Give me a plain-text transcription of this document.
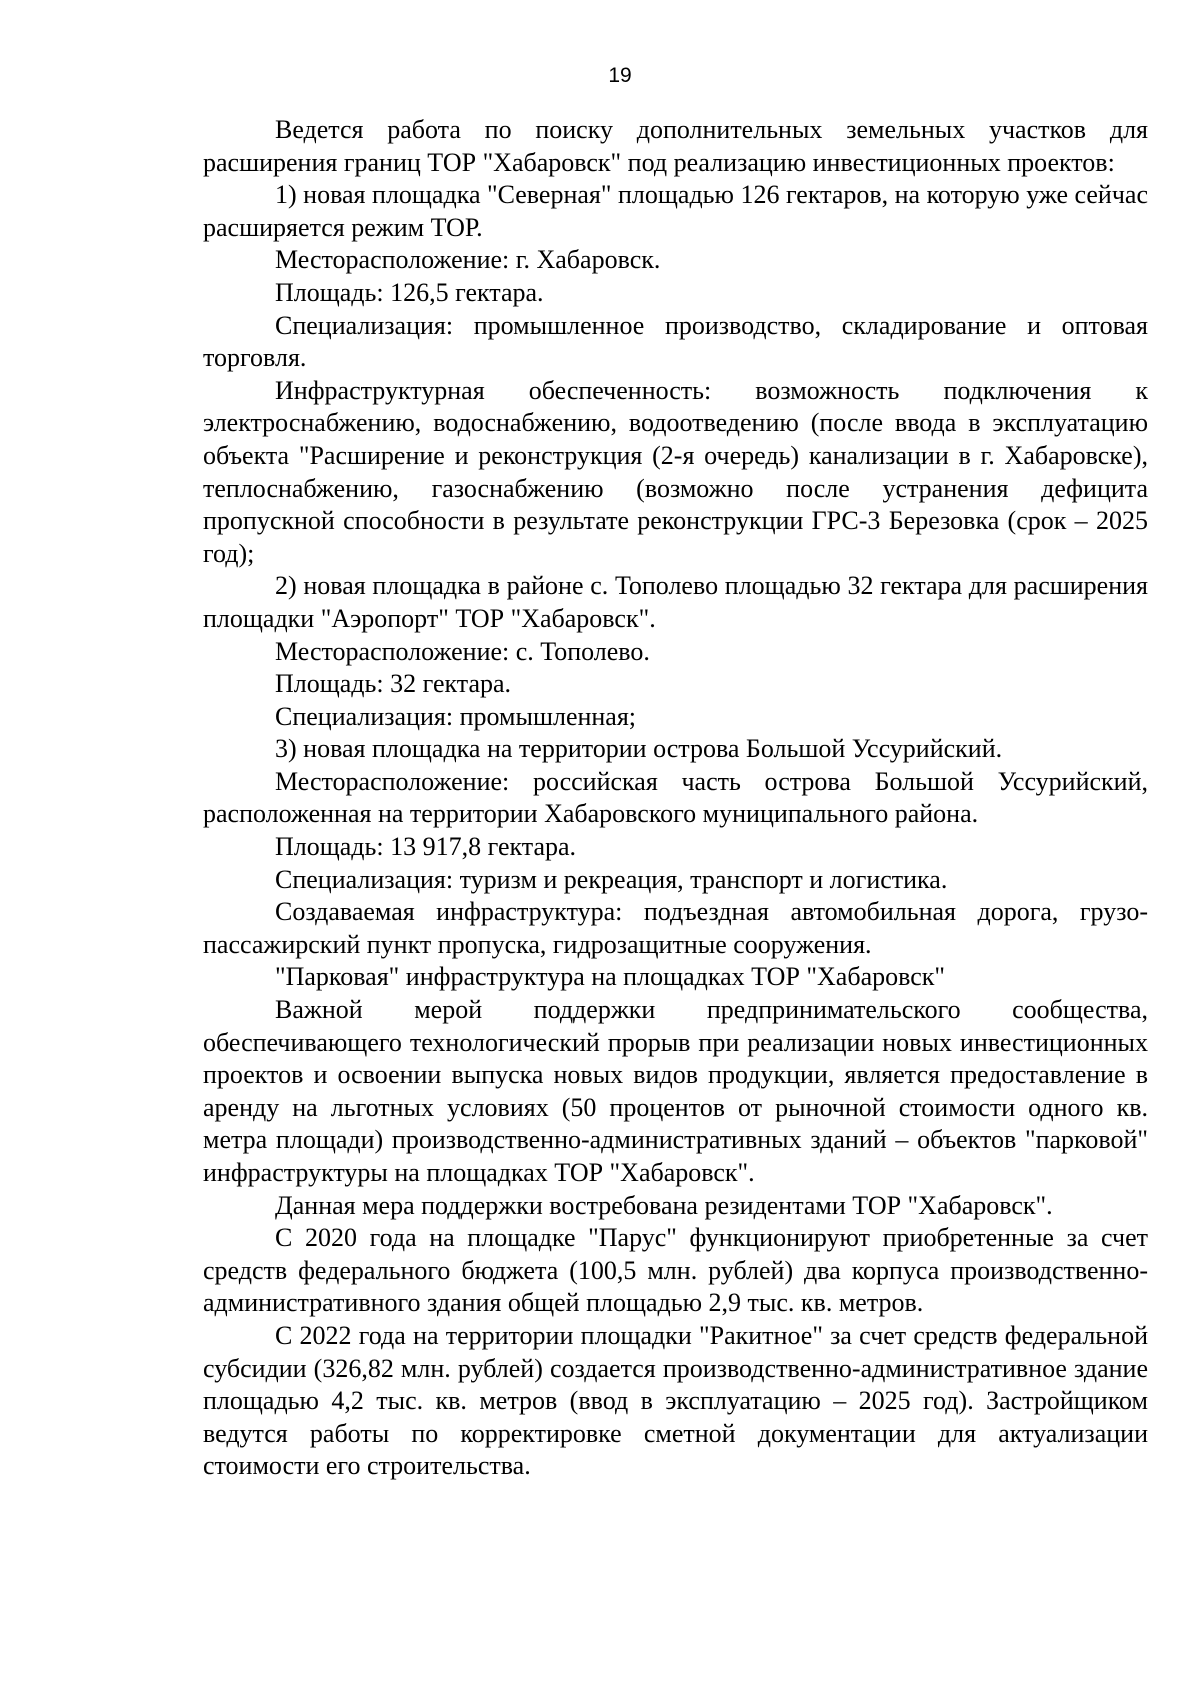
19

Ведется работа по поиску дополнительных земельных участков для расширения границ ТОР "Хабаровск" под реализацию инвестиционных проектов:

1) новая площадка "Северная" площадью 126 гектаров, на которую уже сейчас расширяется режим ТОР.

Месторасположение: г. Хабаровск.

Площадь: 126,5 гектара.

Специализация: промышленное производство, складирование и оптовая торговля.

Инфраструктурная обеспеченность: возможность подключения к электроснабжению, водоснабжению, водоотведению (после ввода в эксплуатацию объекта "Расширение и реконструкция (2-я очередь) канализации в г. Хабаровске), теплоснабжению, газоснабжению (возможно после устранения дефицита пропускной способности в результате реконструкции ГРС-3 Березовка (срок – 2025 год);

2) новая площадка в районе с. Тополево площадью 32 гектара для расширения площадки "Аэропорт" ТОР "Хабаровск".

Месторасположение: с. Тополево.

Площадь: 32 гектара.

Специализация: промышленная;

3) новая площадка на территории острова Большой Уссурийский.

Месторасположение: российская часть острова Большой Уссурийский, расположенная на территории Хабаровского муниципального района.

Площадь: 13 917,8 гектара.

Специализация: туризм и рекреация, транспорт и логистика.

Создаваемая инфраструктура: подъездная автомобильная дорога, грузо-пассажирский пункт пропуска, гидрозащитные сооружения.

"Парковая" инфраструктура на площадках ТОР "Хабаровск"

Важной мерой поддержки предпринимательского сообщества, обеспечивающего технологический прорыв при реализации новых инвестиционных проектов и освоении выпуска новых видов продукции, является предоставление в аренду на льготных условиях (50 процентов от рыночной стоимости одного кв. метра площади) производственно-административных зданий – объектов "парковой" инфраструктуры на площадках ТОР "Хабаровск".

Данная мера поддержки востребована резидентами ТОР "Хабаровск".

С 2020 года на площадке "Парус" функционируют приобретенные за счет средств федерального бюджета (100,5 млн. рублей) два корпуса производственно-административного здания общей площадью 2,9 тыс. кв. метров.

С 2022 года на территории площадки "Ракитное" за счет средств федеральной субсидии (326,82 млн. рублей) создается производственно-административное здание площадью 4,2 тыс. кв. метров (ввод в эксплуатацию – 2025 год). Застройщиком ведутся работы по корректировке сметной документации для актуализации стоимости его строительства.
